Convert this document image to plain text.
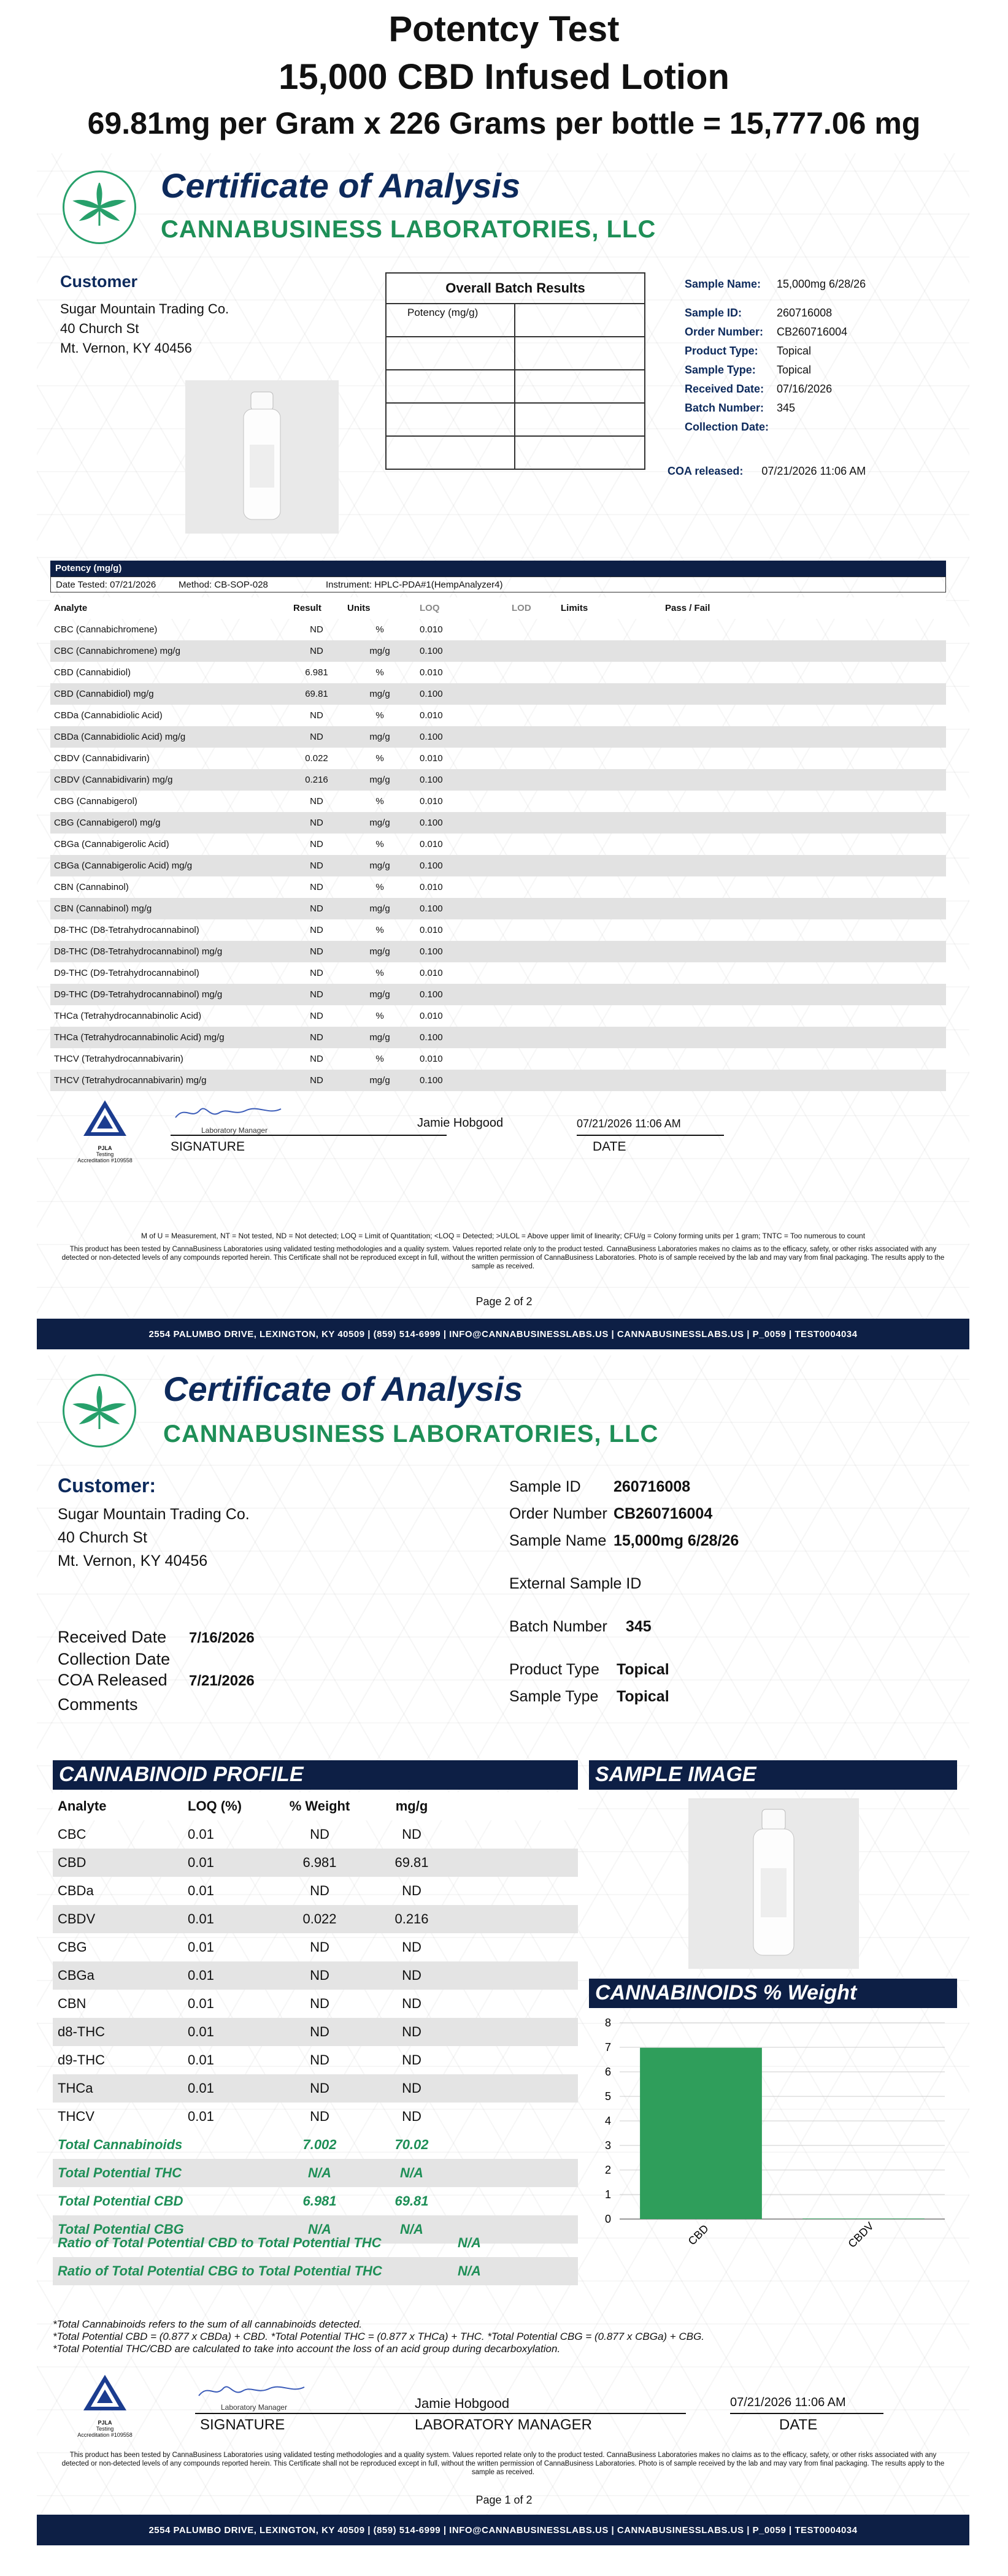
Potentcy Test
15,000 CBD Infused Lotion
69.81mg per Gram x 226 Grams per bottle = 15,777.06 mg
Certificate of Analysis
CANNABUSINESS LABORATORIES, LLC
Customer
Sugar Mountain Trading Co.
40 Church St
Mt. Vernon, KY 40456
Overall Batch Results
Potency (mg/g)
Sample Name:	15,000mg 6/28/26
Sample ID:	260716008
Order Number:	CB260716004
Product Type:	Topical
Sample Type:	Topical
Received Date:	07/16/2026
Batch Number:	345
Collection Date:
COA released: 07/21/2026 11:06 AM
Potency (mg/g)
Date Tested: 07/21/2026	Method: CB-SOP-028	Instrument: HPLC-PDA#1(HempAnalyzer4)
Analyte	Result	Units	LOQ	LOD	Limits	Pass / Fail
CBC (Cannabichromene)	ND	%	0.010			
CBC (Cannabichromene) mg/g	ND	mg/g	0.100			
CBD (Cannabidiol)	6.981	%	0.010			
CBD (Cannabidiol) mg/g	69.81	mg/g	0.100			
CBDa (Cannabidiolic Acid)	ND	%	0.010			
CBDa (Cannabidiolic Acid) mg/g	ND	mg/g	0.100			
CBDV (Cannabidivarin)	0.022	%	0.010			
CBDV (Cannabidivarin) mg/g	0.216	mg/g	0.100			
CBG (Cannabigerol)	ND	%	0.010			
CBG (Cannabigerol) mg/g	ND	mg/g	0.100			
CBGa (Cannabigerolic Acid)	ND	%	0.010			
CBGa (Cannabigerolic Acid) mg/g	ND	mg/g	0.100			
CBN (Cannabinol)	ND	%	0.010			
CBN (Cannabinol) mg/g	ND	mg/g	0.100			
D8-THC (D8-Tetrahydrocannabinol)	ND	%	0.010			
D8-THC (D8-Tetrahydrocannabinol) mg/g	ND	mg/g	0.100			
D9-THC (D9-Tetrahydrocannabinol)	ND	%	0.010			
D9-THC (D9-Tetrahydrocannabinol) mg/g	ND	mg/g	0.100			
THCa (Tetrahydrocannabinolic Acid)	ND	%	0.010			
THCa (Tetrahydrocannabinolic Acid) mg/g	ND	mg/g	0.100			
THCV (Tetrahydrocannabivarin)	ND	%	0.010			
THCV (Tetrahydrocannabivarin) mg/g	ND	mg/g	0.100			
PJLA
Testing
Accreditation #109558
Laboratory Manager
Jamie Hobgood	07/21/2026 11:06 AM
SIGNATURE	DATE
M of U = Measurement, NT = Not tested, ND = Not detected; LOQ = Limit of Quantitation; <LOQ = Detected; >ULOL = Above upper limit of linearity; CFU/g = Colony forming units per 1 gram; TNTC = Too numerous to count
This product has been tested by CannaBusiness Laboratories using validated testing methodologies and a quality system. Values reported relate only to the product tested. CannaBusiness Laboratories makes no claims as to the efficacy, safety, or other risks associated with any detected or non-detected levels of any compounds reported herein. This Certificate shall not be reproduced except in full, without the written permission of CannaBusiness Laboratories. Photo is of sample received by the lab and may vary from final packaging. The results apply to the sample as received.
Page 2 of 2
2554 PALUMBO DRIVE, LEXINGTON, KY 40509 | (859) 514-6999 | INFO@CANNABUSINESSLABS.US | CANNABUSINESSLABS.US | P_0059 | TEST0004034
Certificate of Analysis
CANNABUSINESS LABORATORIES, LLC
Customer:
Sugar Mountain Trading Co.
40 Church St
Mt. Vernon, KY 40456
Sample ID 260716008
Order Number CB260716004
Sample Name 15,000mg 6/28/26
External Sample ID
Batch Number 345
Product Type Topical
Sample Type Topical
Received Date 7/16/2026
Collection Date
COA Released 7/21/2026
Comments
CANNABINOID PROFILE
Analyte	LOQ (%)	% Weight	mg/g	
CBC	0.01	ND	ND	
CBD	0.01	6.981	69.81	
CBDa	0.01	ND	ND	
CBDV	0.01	0.022	0.216	
CBG	0.01	ND	ND	
CBGa	0.01	ND	ND	
CBN	0.01	ND	ND	
d8-THC	0.01	ND	ND	
d9-THC	0.01	ND	ND	
THCa	0.01	ND	ND	
THCV	0.01	ND	ND	
Total Cannabinoids		7.002	70.02	
Total Potential THC		N/A	N/A	
Total Potential CBD		6.981	69.81	
Total Potential CBG		N/A	N/A	
Ratio of Total Potential CBD to Total Potential THC	N/A
Ratio of Total Potential CBG to Total Potential THC	N/A
SAMPLE IMAGE
CANNABINOIDS % Weight
0
1
2
3
4
5
6
7
8
CBD	CBDV
*Total Cannabinoids refers to the sum of all cannabinoids detected.
*Total Potential CBD = (0.877 x CBDa) + CBD. *Total Potential THC = (0.877 x THCa) + THC. *Total Potential CBG = (0.877 x CBGa) + CBG.
*Total Potential THC/CBD are calculated to take into account the loss of an acid group during decarboxylation.
PJLA
Testing
Accreditation #109558
Laboratory Manager	Jamie Hobgood	07/21/2026 11:06 AM
SIGNATURE	LABORATORY MANAGER	DATE
This product has been tested by CannaBusiness Laboratories using validated testing methodologies and a quality system. Values reported relate only to the product tested. CannaBusiness Laboratories makes no claims as to the efficacy, safety, or other risks associated with any detected or non-detected levels of any compounds reported herein. This Certificate shall not be reproduced except in full, without the written permission of CannaBusiness Laboratories. Photo is of sample received by the lab and may vary from final packaging. The results apply to the sample as received.
Page 1 of 2
2554 PALUMBO DRIVE, LEXINGTON, KY 40509 | (859) 514-6999 | INFO@CANNABUSINESSLABS.US | CANNABUSINESSLABS.US | P_0059 | TEST0004034
